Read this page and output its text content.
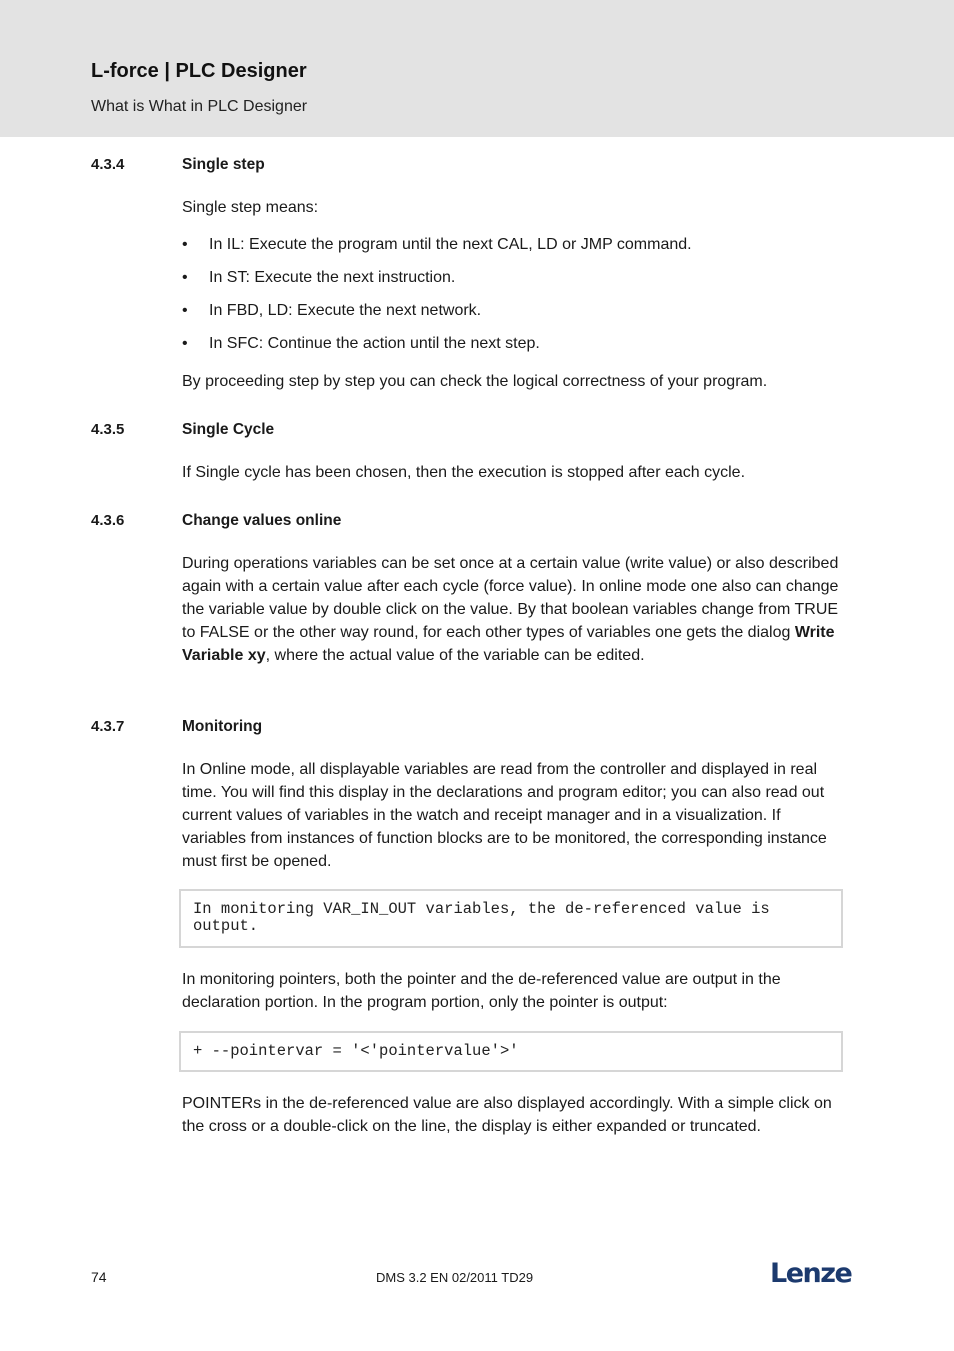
L-force | PLC Designer
What is What in PLC Designer
4.3.4	Single step

Single step means:

• In IL: Execute the program until the next CAL, LD or JMP command.
• In ST: Execute the next instruction.
• In FBD, LD: Execute the next network.
• In SFC: Continue the action until the next step.

By proceeding step by step you can check the logical correctness of your program.

4.3.5	Single Cycle

If Single cycle has been chosen, then the execution is stopped after each cycle.

4.3.6	Change values online

During operations variables can be set once at a certain value (write value) or also described again with a certain value after each cycle (force value). In online mode one also can change the variable value by double click on the value. By that boolean variables change from TRUE to FALSE or the other way round, for each other types of variables one gets the dialog Write Variable xy, where the actual value of the variable can be edited.

4.3.7	Monitoring

In Online mode, all displayable variables are read from the controller and displayed in real time. You will find this display in the declarations and program editor; you can also read out current values of variables in the watch and receipt manager and in a visualization. If variables from instances of function blocks are to be monitored, the corresponding instance must first be opened.

In monitoring VAR_IN_OUT variables, the de-referenced value is output.

In monitoring pointers, both the pointer and the de-referenced value are output in the declaration portion. In the program portion, only the pointer is output:

+ --pointervar = '<'pointervalue'>'

POINTERs in the de-referenced value are also displayed accordingly. With a simple click on the cross or a double-click on the line, the display is either expanded or truncated.

74	DMS 3.2 EN 02/2011 TD29	Lenze
